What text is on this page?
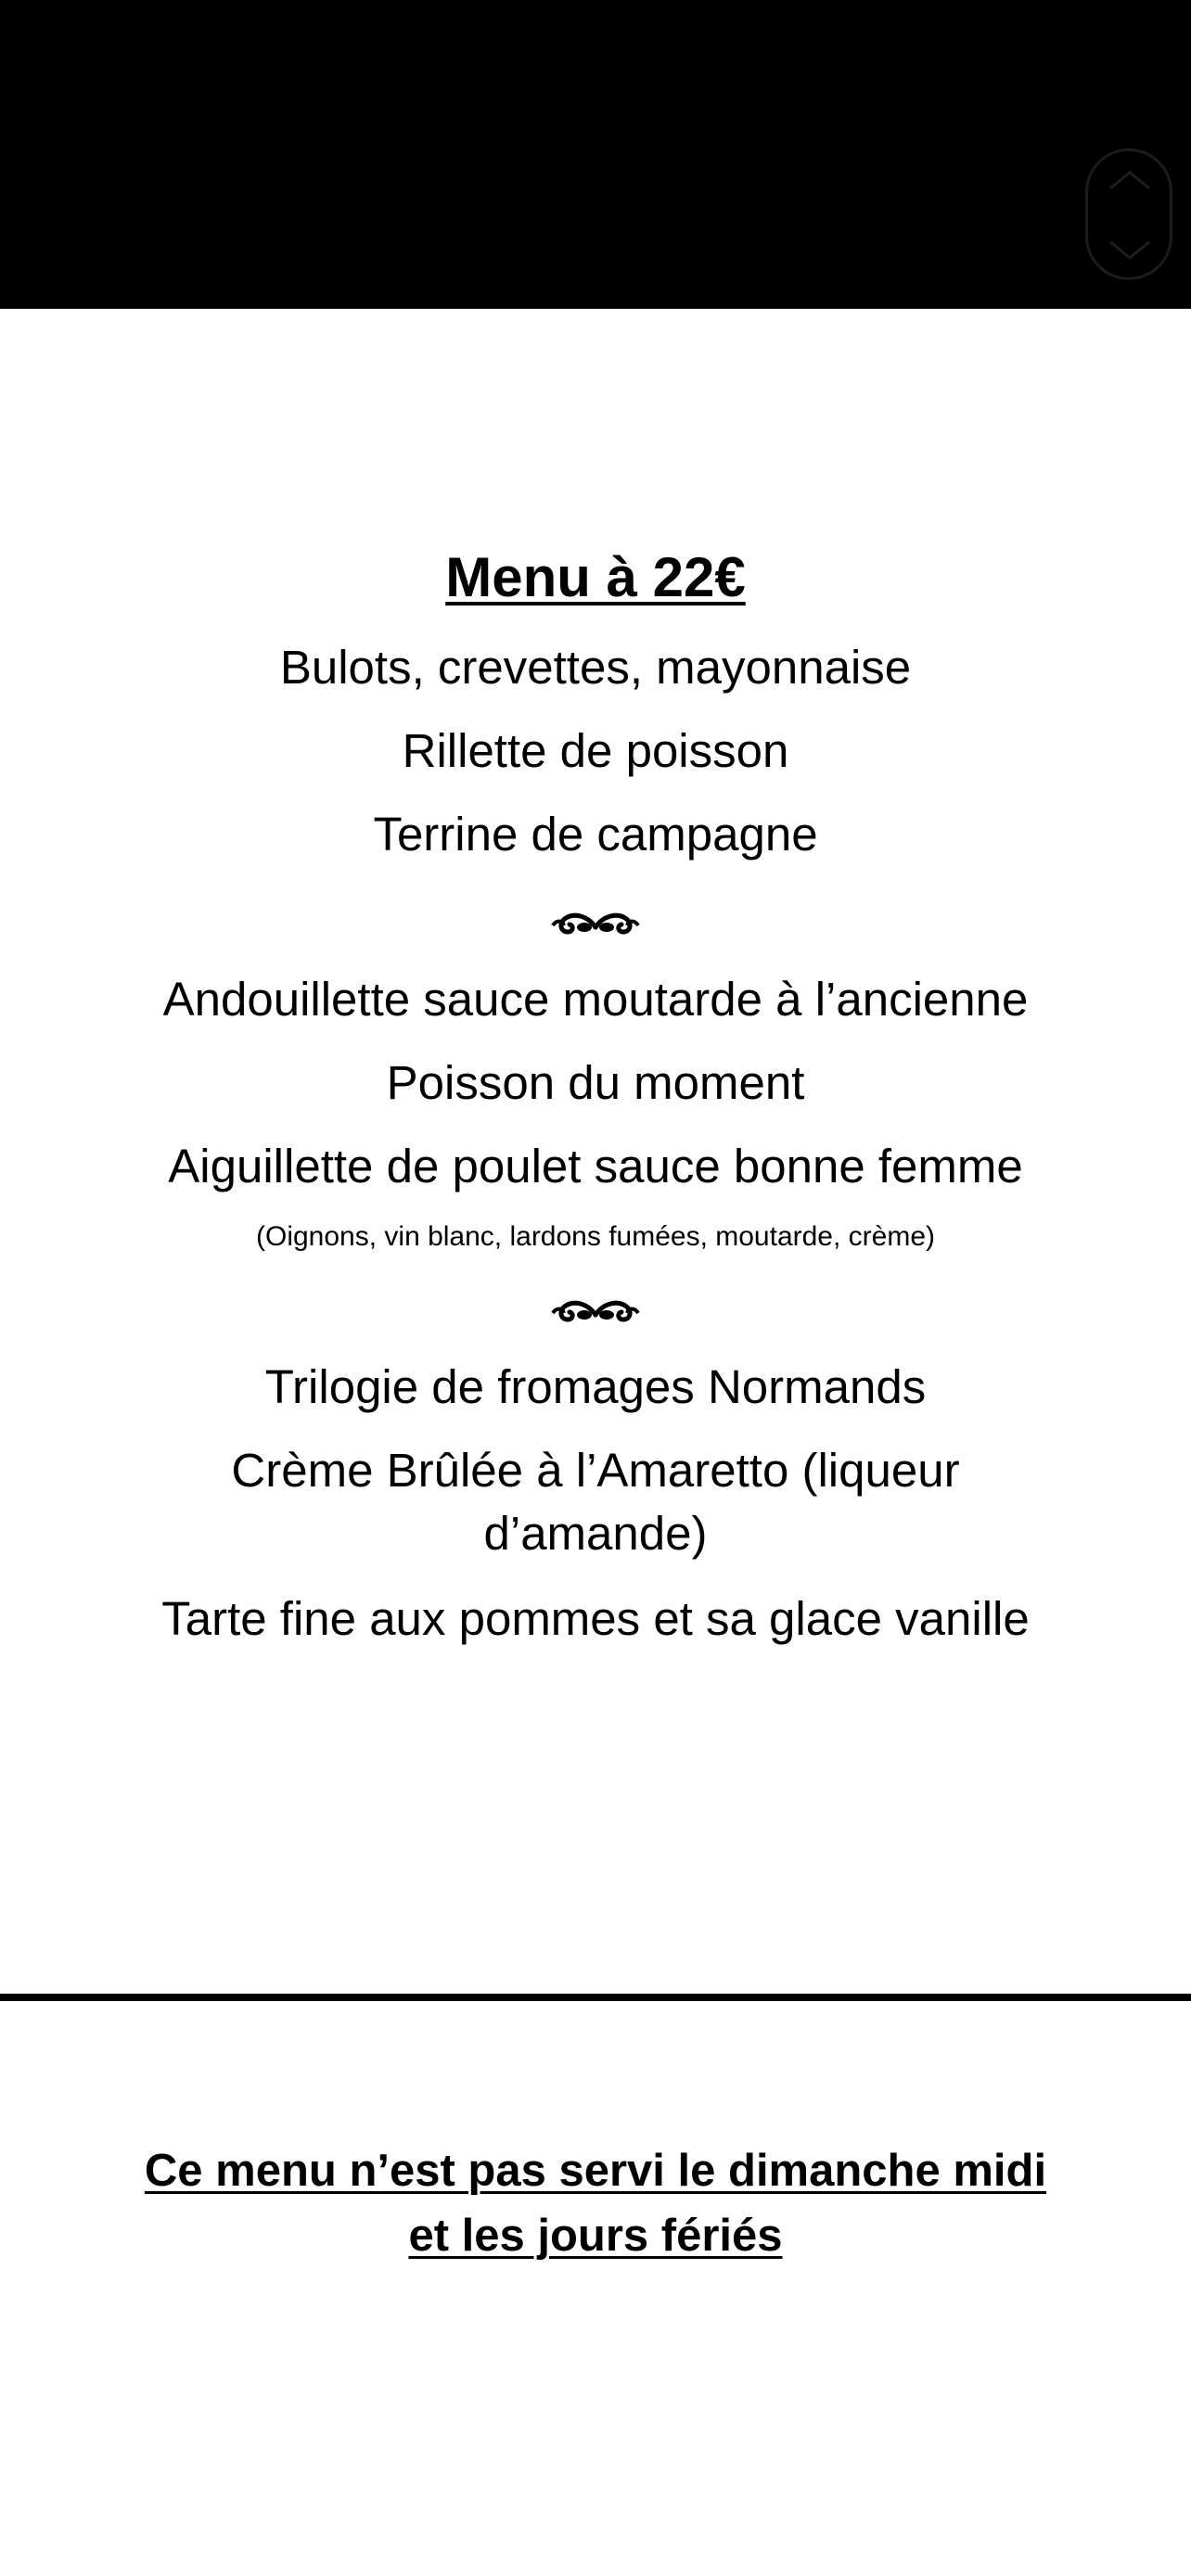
Menu à 22€
Bulots, crevettes, mayonnaise
Rillette de poisson
Terrine de campagne
Andouillette sauce moutarde à l’ancienne
Poisson du moment
Aiguillette de poulet sauce bonne femme
(Oignons, vin blanc, lardons fumées, moutarde, crème)
Trilogie de fromages Normands
Crème Brûlée à l’Amaretto (liqueur d’amande)
Tarte fine aux pommes et sa glace vanille
Ce menu n’est pas servi le dimanche midi et les jours fériés
